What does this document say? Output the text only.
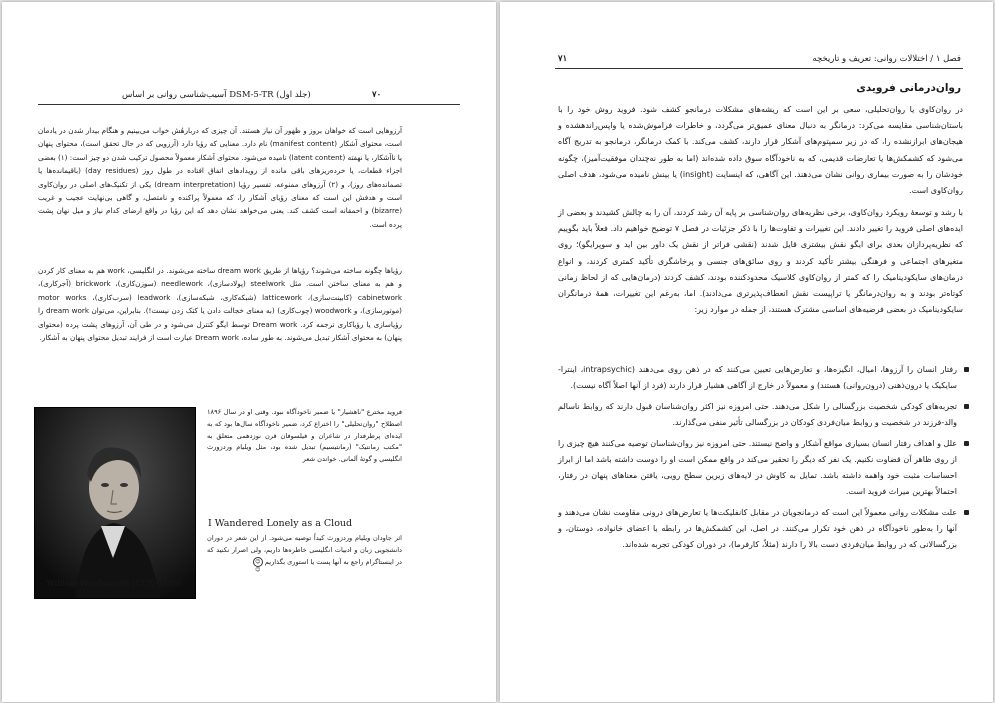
آسیب‌شناسی روانی بر اساس DSM-5-TR (جلد اول)	۷۰
آرزوهایی است که خواهان بروز و ظهور آن نیاز هستند. آن چیزی که دربارهٔش خواب می‌بینیم و هنگام بیدار شدن در یادمان است، محتوای آشکار (manifest content) نام دارد. معنایی که رؤیا دارد (آرزویی که در حال تحقق است)، محتوای پنهان یا ناآشکار، یا نهفته (latent content) نامیده می‌شود. محتوای آشکار معمولاً محصول ترکیب شدن دو چیز است: (۱) بعضی اجزاء قطعات، یا خرده‌ریزهای باقی مانده از رویدادهای اتفاق افتاده در طول روز (day residues) (باقیمانده‌ها یا تصمانده‌های روز)، و (۲) آرزوهای ممنوعه. تفسیر رؤیا (dream interpretation) یکی از تکنیک‌های اصلی در روان‌کاوی است و هدفش این است که معنای رؤیای آشکار را، که معمولاً پراکنده و نامتصل، و گاهی بی‌نهایت عجیب و غریب (bizarre) و احمقانه است کشف کند. یعنی می‌خواهد نشان دهد که این رؤیا در واقع ارضای کدام نیاز و میل نهان پشت پرده است.
رؤیاها چگونه ساخته می‌شوند؟ رؤیاها از طریق dream work ساخته می‌شوند. در انگلیسی، work هم به معنای کار کردن و هم به معنای ساختن است. مثل steelwork (پولادسازی)، needlework (سوزن‌کاری)، brickwork (آجرکاری)، cabinetwork (کابینت‌سازی)، latticework (شبکه‌کاری، شبکه‌سازی)، leadwork (سرب‌کاری)، motor works (موتورسازی)، و woodwork (چوب‌کاری) (به معنای خجالت دادن یا کتک زدن نیست!). بنابراین، می‌توان dream work را رؤیاسازی یا رؤیاکاری ترجمه کرد. Dream work توسط ایگو کنترل می‌شود و در طی آن، آرزوهای پشت پرده (محتوای پنهان) به محتوای آشکار تبدیل می‌شوند. به طور ساده، Dream work عبارت است از فرایند تبدیل محتوای پنهان به آشکار.
William Wordsworth (1770-1850)
فروید مخترع "ناهشیار" یا ضمیر ناخودآگاه نبود. وقتی او در سال ۱۸۹۶ اصطلاح "روان‌تحلیلی" را اختراع کرد، ضمیر ناخودآگاه سال‌ها بود که به ایده‌ای پرطرفدار در شاعران و فیلسوفان قرن نوزدهمی متعلق به "مکتب رمانتیک" (رمانتیسیم) تبدیل شده بود، مثل ویلیام وردزورث انگلیسی و گوتهٔ آلمانی. خواندن شعر
I Wandered Lonely as a Cloud
اثر جاودان ویلیام وردزورث کیداً توصیه می‌شود. از این شعر در دوران دانشجویی زبان و ادبیات انگلیسی خاطره‌ها داریم، ولی اصرار نکنید که در اینستاگرام راجع به آنها پست یا استوری بگذاریم ☺☺
فصل ۱ / اختلالات روانی: تعریف و تاریخچه
۷۱
روان‌درمانی فرویدی
در روان‌کاوی یا روان‌تحلیلی، سعی بر این است که ریشه‌های مشکلات درمانجو کشف شود. فروید روش خود را با باستان‌شناسی مقایسه می‌کرد: درمانگر به دنبال معنای عمیق‌تر می‌گردد، و خاطرات فراموش‌شده یا واپس‌راندهشده و هیجان‌های ابرازنشده را، که در زیر سمپتوم‌های آشکار قرار دارند، کشف می‌کند. با کمک درمانگر، درمانجو به تدریج آگاه می‌شود که کشمکش‌ها یا تعارضات قدیمی، که به ناخودآگاه سوق داده شده‌اند (اما به طور نه‌چندان موفقیت‌آمیز)، چگونه خودشان را به صورت بیماری روانی نشان می‌دهند. این آگاهی، که اینسایت (insight) یا بینش نامیده می‌شود، هدف اصلی روان‌کاوی است.
با رشد و توسعهٔ رویکرد روان‌کاوی، برخی نظریه‌های روان‌شناسی بر پایه آن رشد کردند، آن را به چالش کشیدند و بعضی از ایده‌های اصلی فروید را تغییر دادند. این تغییرات و تفاوت‌ها را با ذکر جزئیات در فصل ۷ توضیح خواهیم داد. فعلاً باید بگوییم که نظریه‌پردازان بعدی برای ایگو نقش بیشتری قایل شدند (نقشی فراتر از نقش یک داور بین اید و سوپرایگو)؛ روی متغیرهای اجتماعی و فرهنگی بیشتر تأکید کردند و روی سائق‌های جنسی و پرخاشگری تأکید کمتری کردند، و انواع درمان‌های سایکودینامیک را که کمتر از روان‌کاوی کلاسیک محدودکننده بودند، کشف کردند (درمان‌هایی که از لحاظ زمانی کوتاه‌تر بودند و به روان‌درمانگر یا تراپیست نقش انعطاف‌پذیرتری می‌دادند). اما، به‌رغم این تغییرات، همهٔ درمانگران سایکودینامیک در بعضی فرضیه‌های اساسی مشترک هستند، از جمله در موارد زیر:
رفتار انسان را آرزوها، امیال، انگیزه‌ها، و تعارض‌هایی تعیین می‌کنند که در ذهن روی می‌دهند (intrapsychic، اینترا-سایکیک یا درون‌ذهنی (درون‌روانی) هستند) و معمولاً در خارج از آگاهی هشیار قرار دارند (فرد از آنها اصلاً آگاه نیست).
تجربه‌های کودکی شخصیت بزرگسالی را شکل می‌دهند. حتی امروزه نیز اکثر روان‌شناسان قبول دارند که روابط ناسالم والد-فرزند در شخصیت و روابط میان‌فردی کودکان در بزرگسالی تأثیر منفی می‌گذارند.
علل و اهداف رفتار انسان بسیاری مواقع آشکار و واضح نیستند. حتی امروزه نیز روان‌شناسان توصیه می‌کنند هیچ چیزی را از روی ظاهر آن قضاوت نکنیم. یک نفر که دیگر را تحقیر می‌کند در واقع ممکن است او را دوست داشته باشد اما از ابراز احساسات مثبت خود واهمه داشته باشد. تمایل به کاوش در لایه‌های زیرین سطح رویی، یافتن معناهای پنهان در رفتار، احتمالاً بهترین میراث فروید است.
علت مشکلات روانی معمولاً این است که درمانجویان در مقابل کانفلیکت‌ها یا تعارض‌های درونی مقاومت نشان می‌دهند و آنها را به‌طور ناخودآگاه در ذهن خود تکرار می‌کنند. در اصل، این کشمکش‌ها در رابطه با اعضای خانواده، دوستان، و بزرگسالانی که در روابط میان‌فردی دست بالا را دارند (مثلاً، کارفرما)، در دوران کودکی تجربه شده‌اند.
